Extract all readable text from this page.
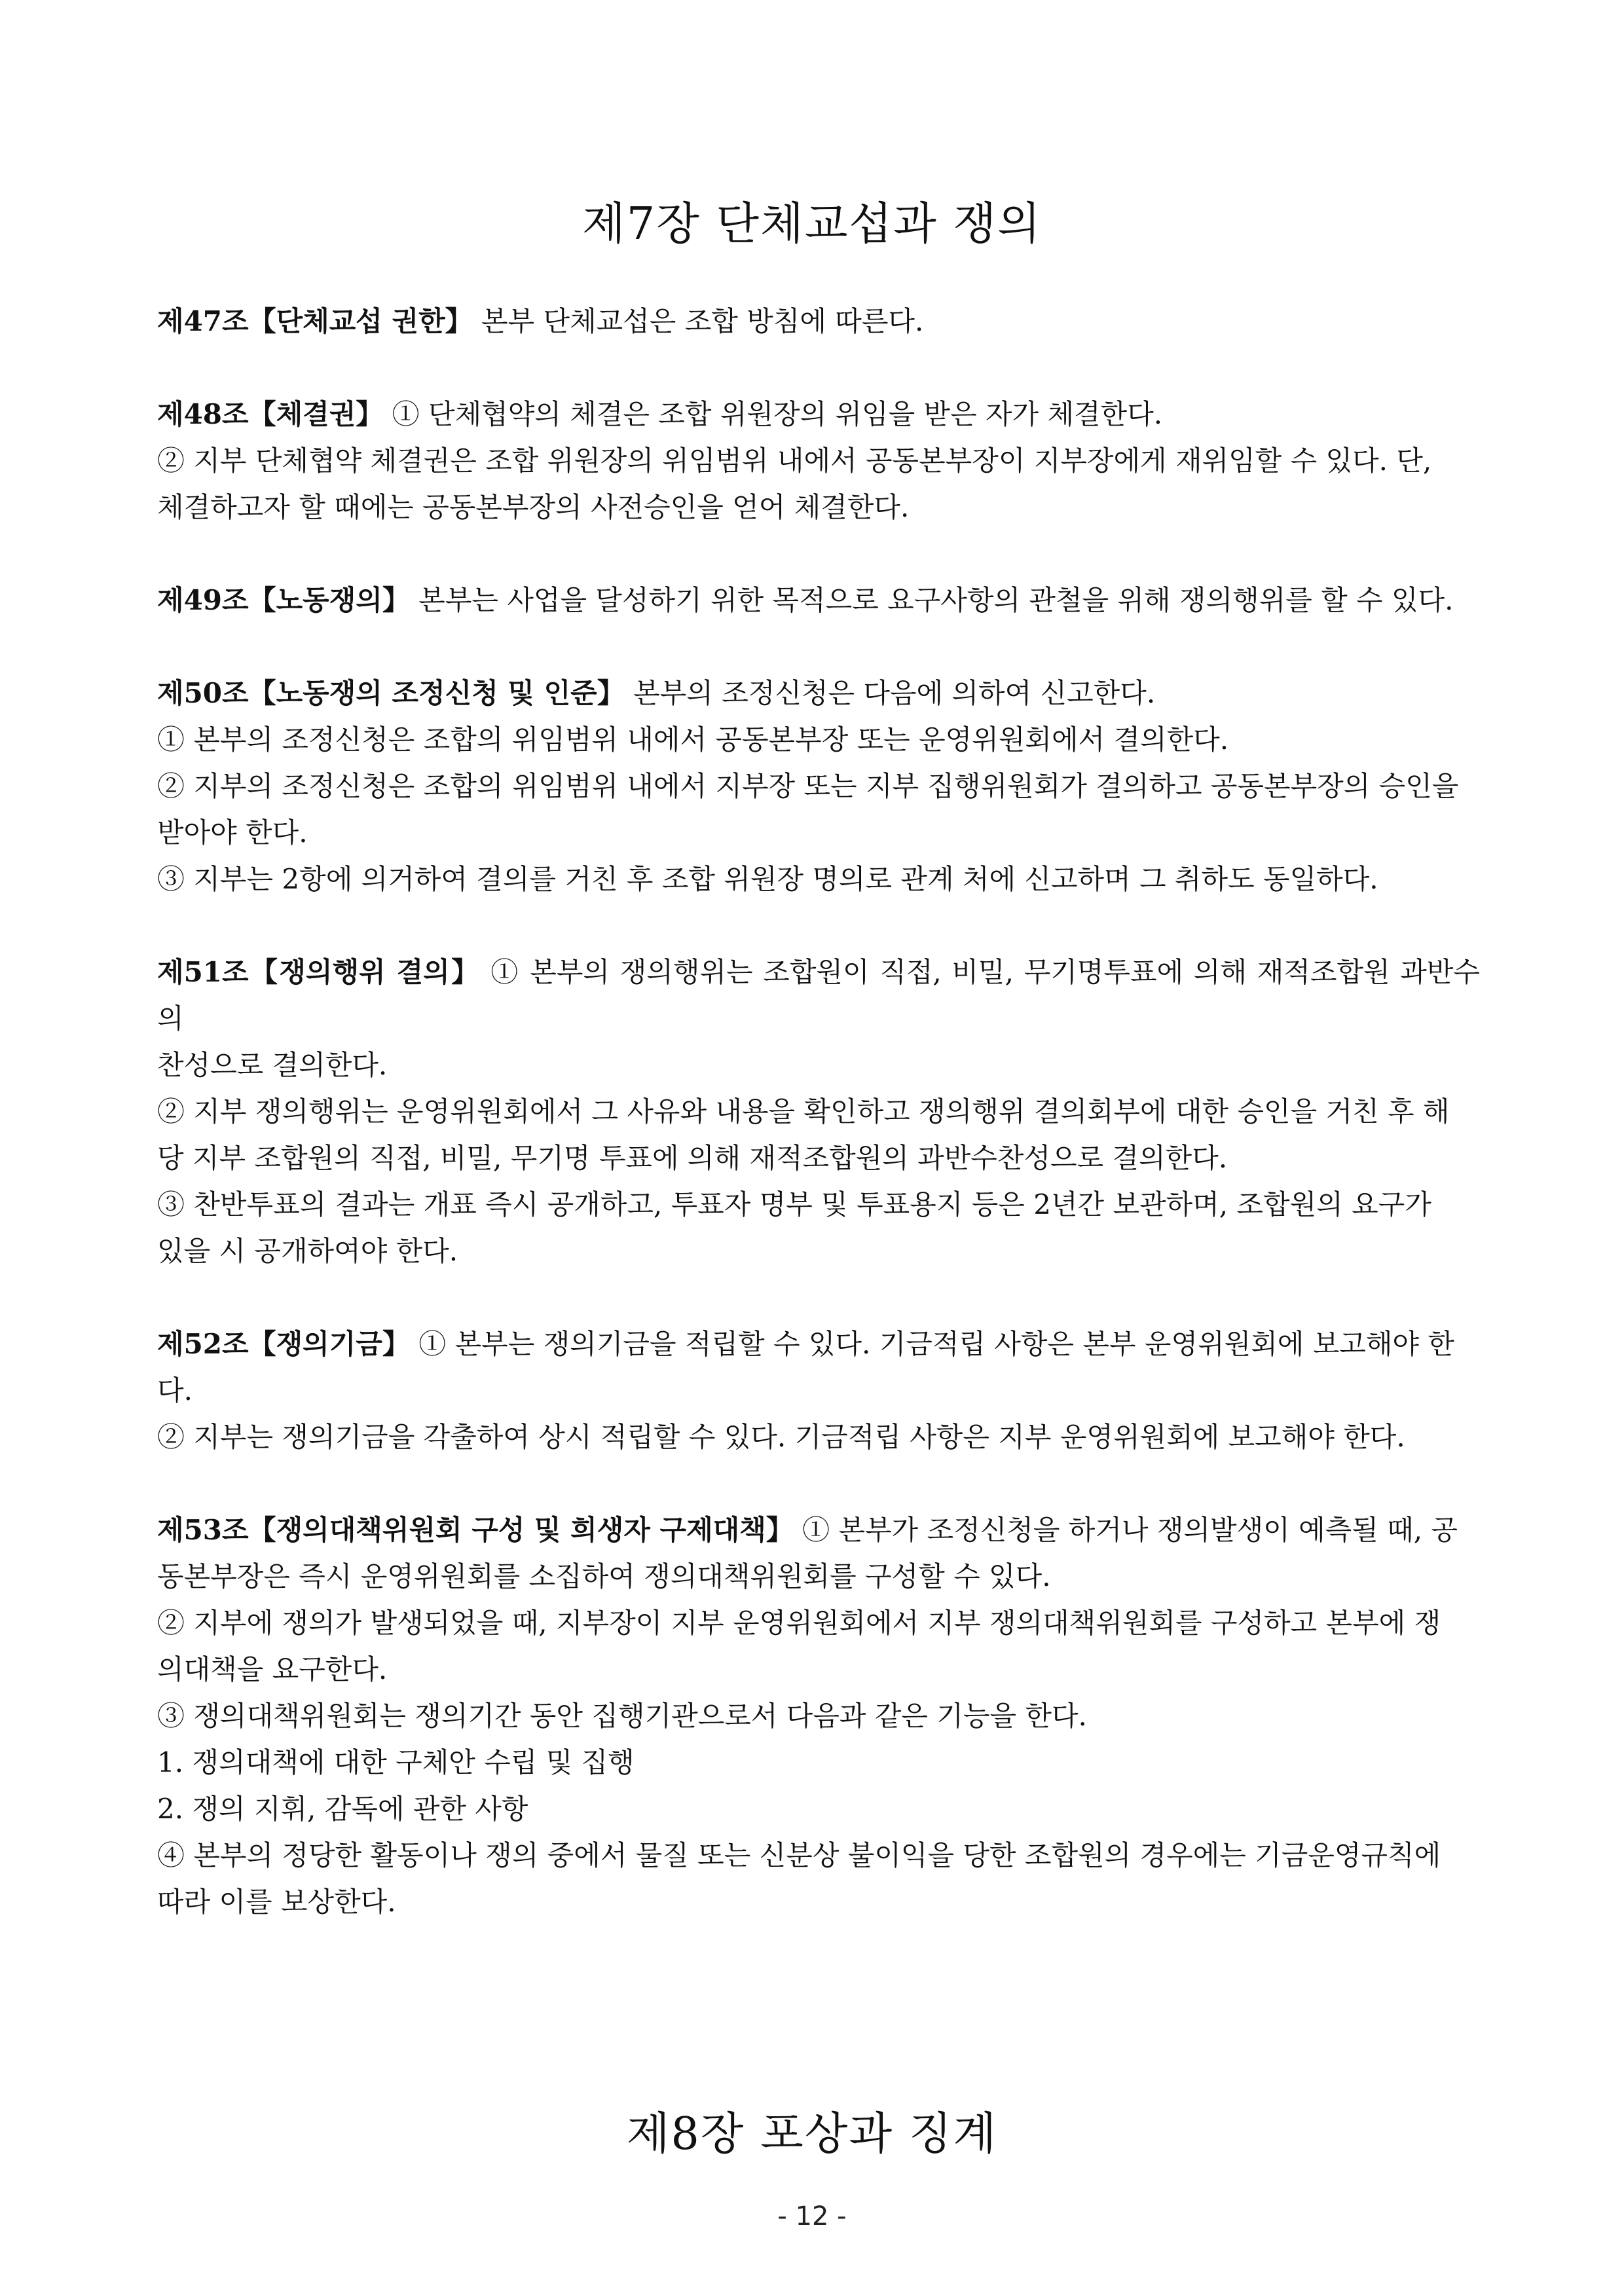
제7장 단체교섭과 쟁의
제47조【단체교섭 권한】 본부 단체교섭은 조합 방침에 따른다.
제48조【체결권】 ① 단체협약의 체결은 조합 위원장의 위임을 받은 자가 체결한다.
② 지부 단체협약 체결권은 조합 위원장의 위임범위 내에서 공동본부장이 지부장에게 재위임할 수 있다. 단,
체결하고자 할 때에는 공동본부장의 사전승인을 얻어 체결한다.
제49조【노동쟁의】 본부는 사업을 달성하기 위한 목적으로 요구사항의 관철을 위해 쟁의행위를 할 수 있다.
제50조【노동쟁의 조정신청 및 인준】 본부의 조정신청은 다음에 의하여 신고한다.
① 본부의 조정신청은 조합의 위임범위 내에서 공동본부장 또는 운영위원회에서 결의한다.
② 지부의 조정신청은 조합의 위임범위 내에서 지부장 또는 지부 집행위원회가 결의하고 공동본부장의 승인을
받아야 한다.
③ 지부는 2항에 의거하여 결의를 거친 후 조합 위원장 명의로 관계 처에 신고하며 그 취하도 동일하다.
제51조【쟁의행위 결의】 ① 본부의 쟁의행위는 조합원이 직접, 비밀, 무기명투표에 의해 재적조합원 과반수의
찬성으로 결의한다.
② 지부 쟁의행위는 운영위원회에서 그 사유와 내용을 확인하고 쟁의행위 결의회부에 대한 승인을 거친 후 해
당 지부 조합원의 직접, 비밀, 무기명 투표에 의해 재적조합원의 과반수찬성으로 결의한다.
③ 찬반투표의 결과는 개표 즉시 공개하고, 투표자 명부 및 투표용지 등은 2년간 보관하며, 조합원의 요구가
있을 시 공개하여야 한다.
제52조【쟁의기금】 ① 본부는 쟁의기금을 적립할 수 있다. 기금적립 사항은 본부 운영위원회에 보고해야 한
다.
② 지부는 쟁의기금을 각출하여 상시 적립할 수 있다. 기금적립 사항은 지부 운영위원회에 보고해야 한다.
제53조【쟁의대책위원회 구성 및 희생자 구제대책】 ① 본부가 조정신청을 하거나 쟁의발생이 예측될 때, 공
동본부장은 즉시 운영위원회를 소집하여 쟁의대책위원회를 구성할 수 있다.
② 지부에 쟁의가 발생되었을 때, 지부장이 지부 운영위원회에서 지부 쟁의대책위원회를 구성하고 본부에 쟁
의대책을 요구한다.
③ 쟁의대책위원회는 쟁의기간 동안 집행기관으로서 다음과 같은 기능을 한다.
1. 쟁의대책에 대한 구체안 수립 및 집행
2. 쟁의 지휘, 감독에 관한 사항
④ 본부의 정당한 활동이나 쟁의 중에서 물질 또는 신분상 불이익을 당한 조합원의 경우에는 기금운영규칙에
따라 이를 보상한다.
제8장 포상과 징계
- 12 -
